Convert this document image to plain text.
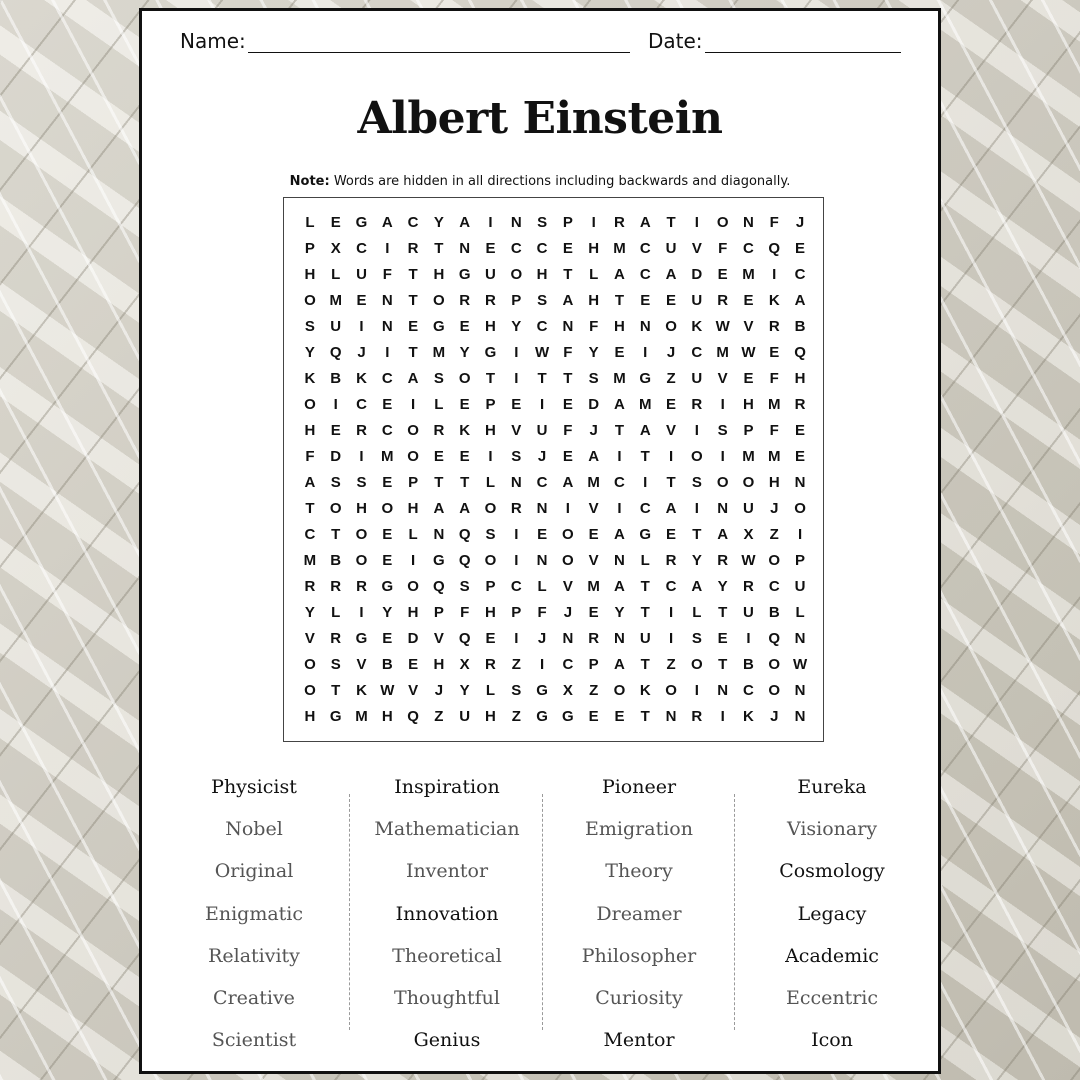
Name:	Date:
Albert Einstein
Note: Words are hidden in all directions including backwards and diagonally.
L	E G A C	Y	A	I	N	S	P	I	R A	T	I	O N	F	J
P	X	C	I	R	T	N	E	C C	E	H M C U	V	F	C Q E
H	L	U	F	T	H G U O H	T	L	A C A D	E M	I	C
O M E	N	T	O R R	P	S	A H	T	E	E	U R	E	K A
S	U	I	N	E G E	H	Y	C N	F	H N O K W V	R B
Y Q	J	I	T M Y G	I	W F	Y	E	I	J	C M W E Q
K B K C A	S O	T	I	T	T	S M G	Z	U	V	E	F	H
O	I	C	E	I	L	E	P	E	I	E	D A M E	R	I	H M R
H	E	R C O R K H	V	U	F	J	T	A	V	I	S	P	F	E
F	D	I	M O E	E	I	S	J	E	A	I	T	I	O	I	M M E
A	S	S	E	P	T	T	L	N C A M C	I	T	S O O H N
T	O H O H A A O R N	I	V	I	C A	I	N U	J	O
C	T	O E	L	N Q S	I	E O E	A G E	T	A	X	Z	I
M B O E	I	G Q O	I	N O V	N	L	R	Y	R W O P
R R R G O Q S	P	C	L	V M A	T	C A	Y	R C U
Y	L	I	Y	H	P	F	H	P	F	J	E	Y	T	I	L	T	U B	L
V	R G E	D	V Q E	I	J	N R N U	I	S	E	I	Q N
O S	V	B	E	H	X	R	Z	I	C	P	A	T	Z	O	T	B O W
O	T	K W V	J	Y	L	S G X	Z	O K O	I	N C O N
H G M H Q	Z	U H	Z	G G E	E	T	N R	I	K	J	N
Physicist
Nobel
Original
Enigmatic
Relativity
Creative
Scientist
Inspiration
Mathematician
Inventor
Innovation
Theoretical
Thoughtful
Genius
Pioneer
Emigration
Theory
Dreamer
Philosopher
Curiosity
Mentor
Eureka
Visionary
Cosmology
Legacy
Academic
Eccentric
Icon
